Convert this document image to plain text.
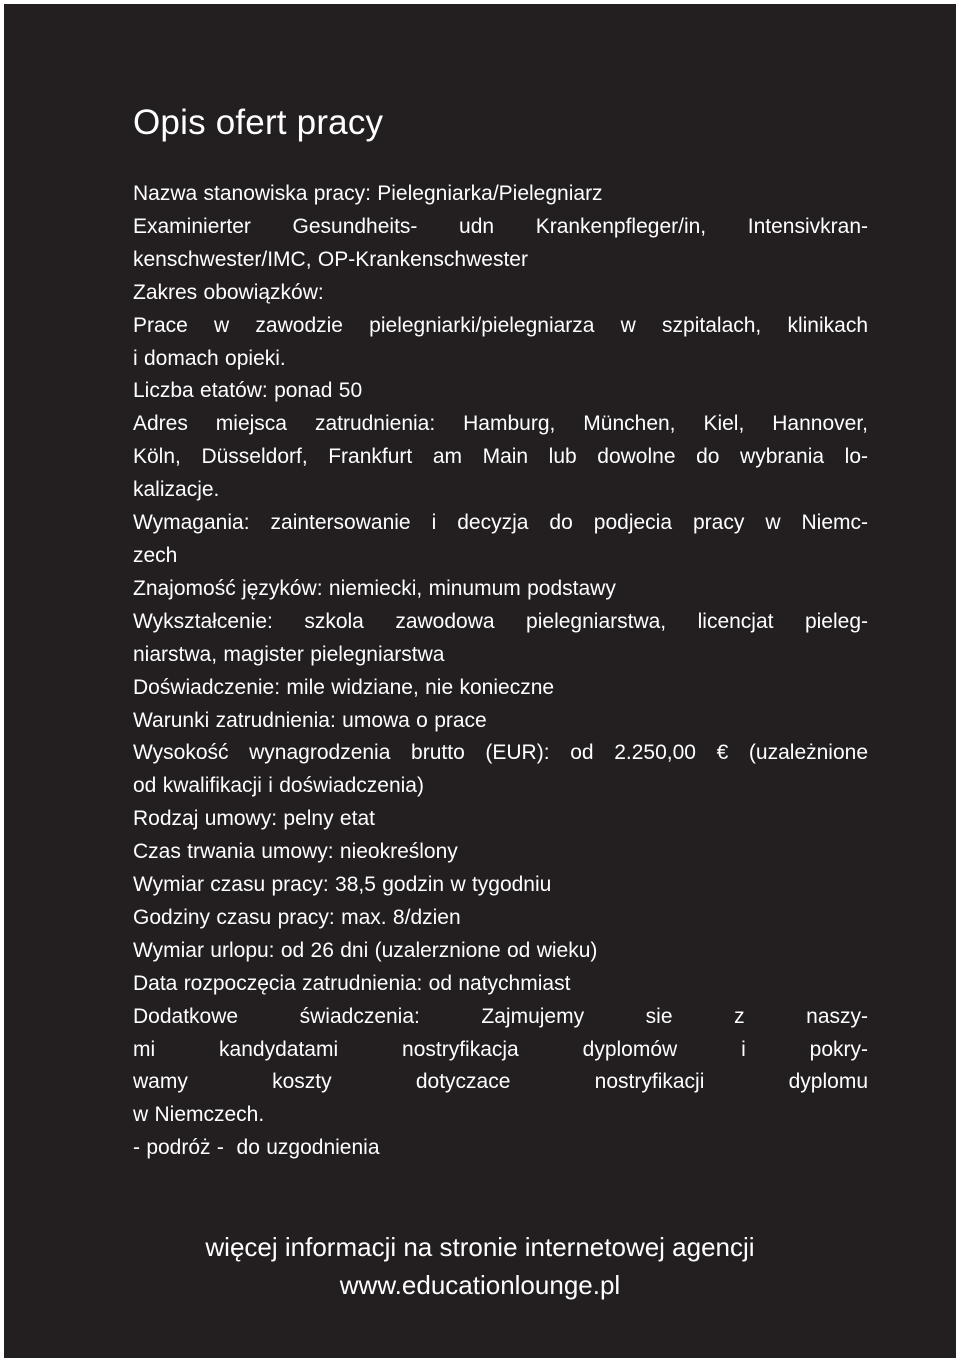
Opis ofert pracy
Nazwa stanowiska pracy: Pielegniarka/Pielegniarz
Examinierter Gesundheits- udn Krankenpfleger/in, Intensivkran-
kenschwester/IMC, OP-Krankenschwester
Zakres obowiązków:
Prace w zawodzie pielegniarki/pielegniarza w szpitalach, klinikach
i domach opieki.
Liczba etatów: ponad 50
Adres miejsca zatrudnienia: Hamburg, München, Kiel, Hannover,
Köln, Düsseldorf, Frankfurt am Main lub dowolne do wybrania lo-
kalizacje.
Wymagania: zaintersowanie i decyzja do podjecia pracy w Niemc-
zech
Znajomość języków: niemiecki, minumum podstawy
Wykształcenie: szkola zawodowa pielegniarstwa, licencjat pieleg-
niarstwa, magister pielegniarstwa
Doświadczenie: mile widziane, nie konieczne
Warunki zatrudnienia: umowa o prace
Wysokość wynagrodzenia brutto (EUR): od 2.250,00 € (uzależnione
od kwalifikacji i doświadczenia)
Rodzaj umowy: pelny etat
Czas trwania umowy: nieokreślony
Wymiar czasu pracy: 38,5 godzin w tygodniu
Godziny czasu pracy: max. 8/dzien
Wymiar urlopu: od 26 dni (uzalerznione od wieku)
Data rozpoczęcia zatrudnienia: od natychmiast
Dodatkowe świadczenia: Zajmujemy sie z naszy-
mi kandydatami nostryfikacja dyplomów i pokry-
wamy koszty dotyczace nostryfikacji dyplomu
w Niemczech.
- podróż -  do uzgodnienia
więcej informacji na stronie internetowej agencji
www.educationlounge.pl
